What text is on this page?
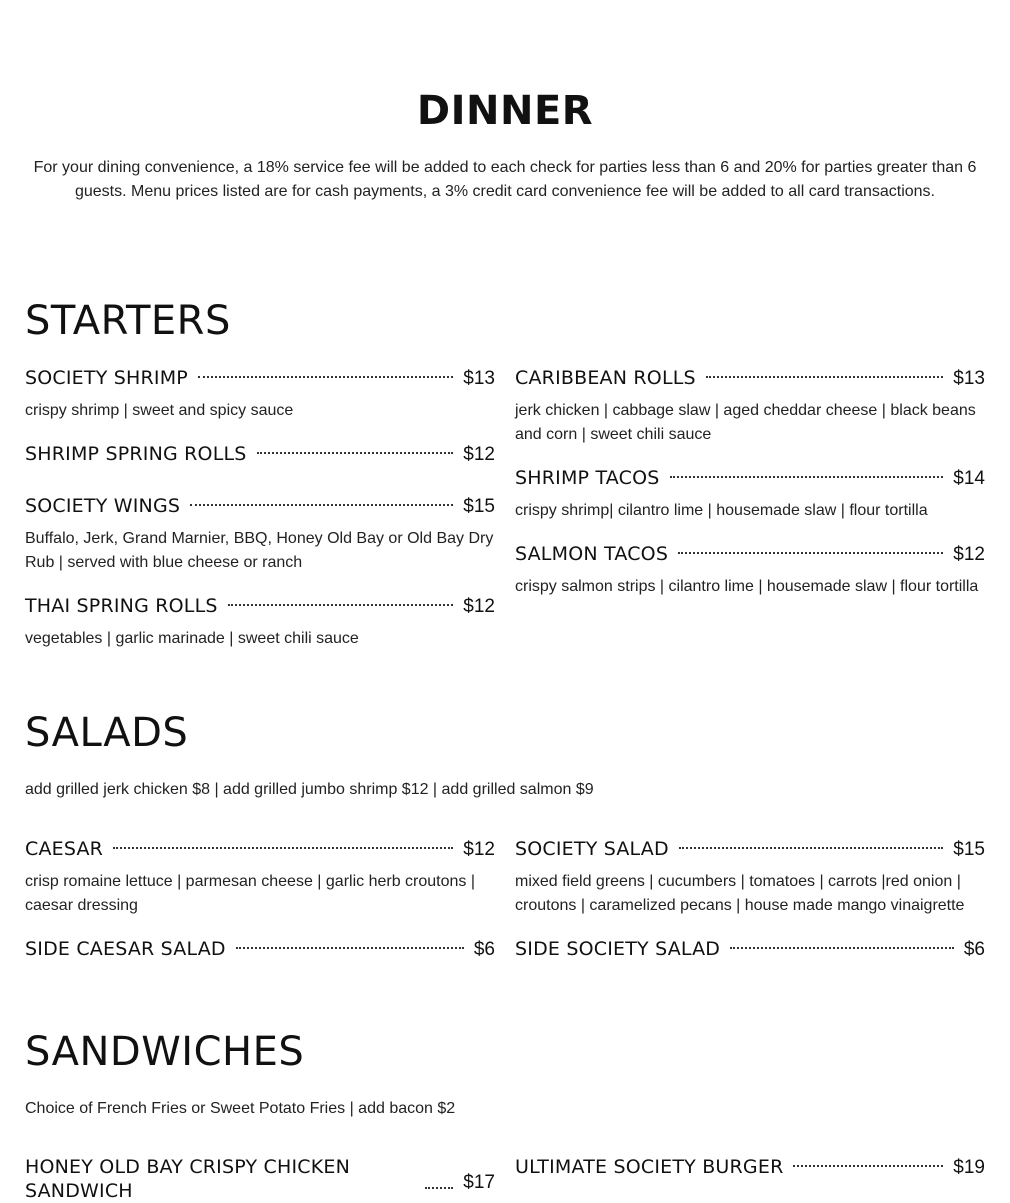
DINNER

For your dining convenience, a 18% service fee will be added to each check for parties less than 6 and 20% for parties greater than 6 guests. Menu prices listed are for cash payments, a 3% credit card convenience fee will be added to all card transactions.

STARTERS
SOCIETY SHRIMP	$13
crispy shrimp | sweet and spicy sauce
SHRIMP SPRING ROLLS	$12
SOCIETY WINGS	$15
Buffalo, Jerk, Grand Marnier, BBQ, Honey Old Bay or Old Bay Dry Rub | served with blue cheese or ranch
THAI SPRING ROLLS	$12
vegetables | garlic marinade | sweet chili sauce
CARIBBEAN ROLLS	$13
jerk chicken | cabbage slaw | aged cheddar cheese | black beans and corn | sweet chili sauce
SHRIMP TACOS	$14
crispy shrimp| cilantro lime | housemade slaw | flour tortilla
SALMON TACOS	$12
crispy salmon strips | cilantro lime | housemade slaw | flour tortilla
SALADS

add grilled jerk chicken $8 | add grilled jumbo shrimp $12 | add grilled salmon $9

CAESAR	$12
crisp romaine lettuce | parmesan cheese | garlic herb croutons | caesar dressing
SIDE CAESAR SALAD	$6
SOCIETY SALAD	$15
mixed field greens | cucumbers | tomatoes | carrots |red onion | croutons | caramelized pecans | house made mango vinaigrette
SIDE SOCIETY SALAD	$6
SANDWICHES

Choice of French Fries or Sweet Potato Fries | add bacon $2

HONEY OLD BAY CRISPY CHICKEN SANDWICH	$17
ULTIMATE SOCIETY BURGER	$19
